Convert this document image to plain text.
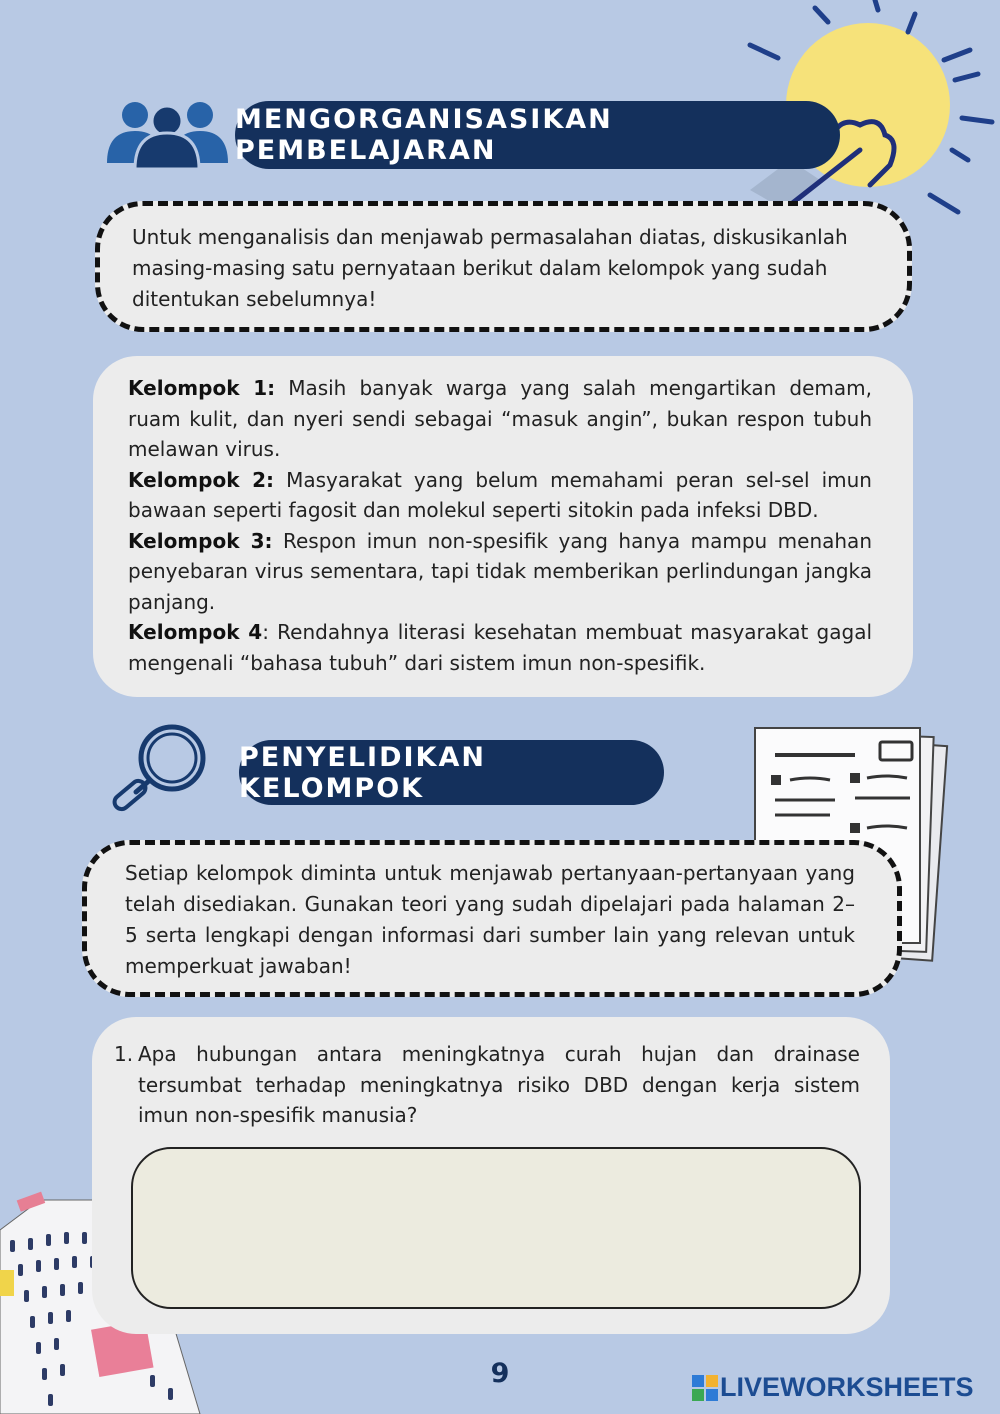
MENGORGANISASIKAN PEMBELAJARAN
Untuk menganalisis dan menjawab permasalahan diatas, diskusikanlah masing-masing satu pernyataan berikut dalam kelompok yang sudah ditentukan sebelumnya!

Kelompok 1: Masih banyak warga yang salah mengartikan demam, ruam kulit, dan nyeri sendi sebagai “masuk angin”, bukan respon tubuh melawan virus.

Kelompok 2: Masyarakat yang belum memahami peran sel-sel imun bawaan seperti fagosit dan molekul seperti sitokin pada infeksi DBD.

Kelompok 3: Respon imun non-spesifik yang hanya mampu menahan penyebaran virus sementara, tapi tidak memberikan perlindungan jangka panjang.

Kelompok 4: Rendahnya literasi kesehatan membuat masyarakat gagal mengenali “bahasa tubuh” dari sistem imun non-spesifik.

PENYELIDIKAN KELOMPOK
Setiap kelompok diminta untuk menjawab pertanyaan-pertanyaan yang telah disediakan. Gunakan teori yang sudah dipelajari pada halaman 2–5 serta lengkapi dengan informasi dari sumber lain yang relevan untuk memperkuat jawaban!
1. Apa hubungan antara meningkatnya curah hujan dan drainase tersumbat terhadap meningkatnya risiko DBD dengan kerja sistem imun non-spesifik manusia?
9	LIVEWORKSHEETS
